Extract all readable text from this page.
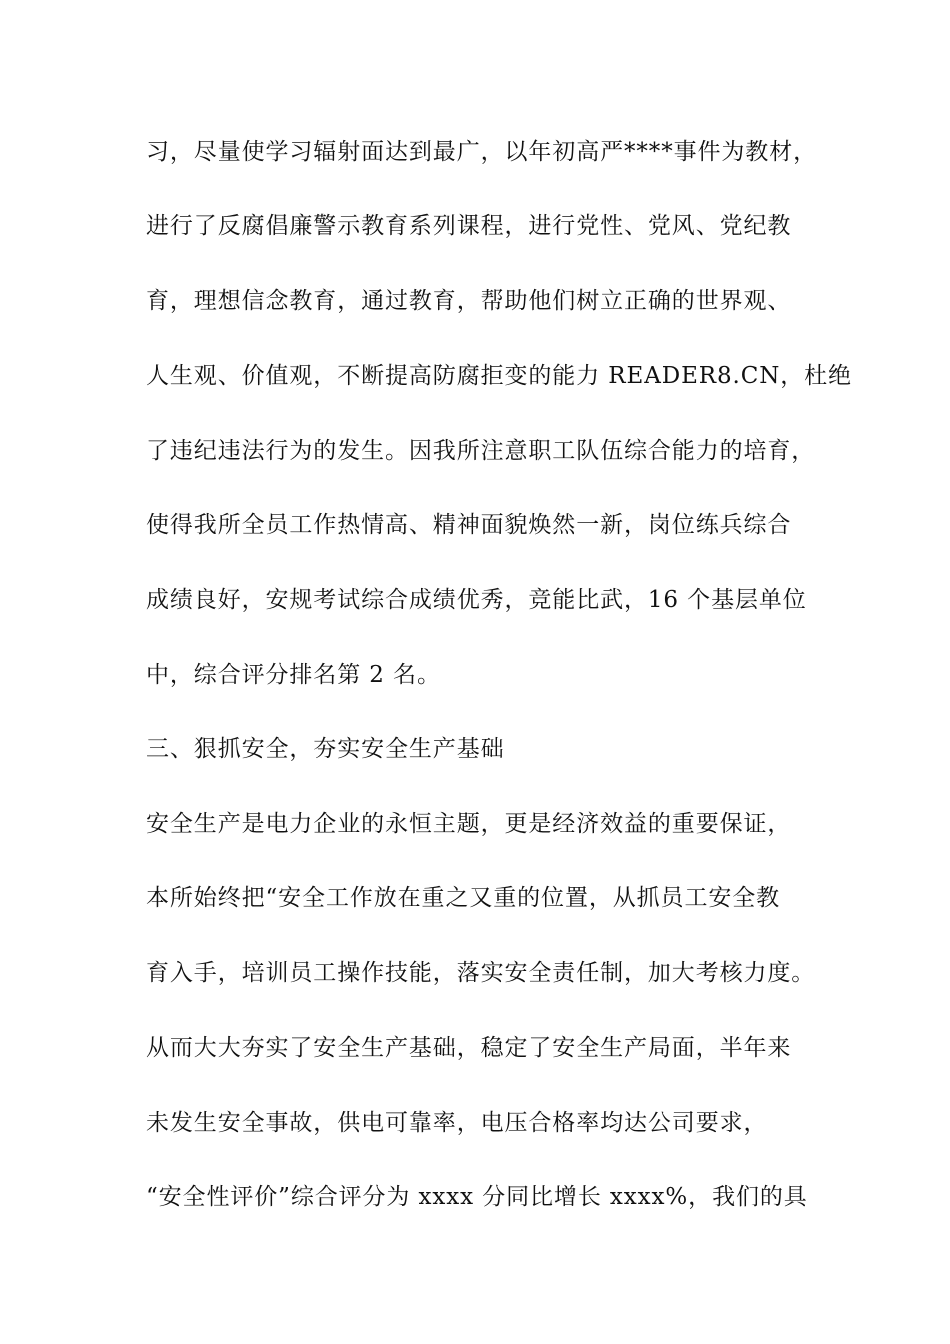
习，尽量使学习辐射面达到最广，以年初高严****事件为教材，
进行了反腐倡廉警示教育系列课程，进行党性、党风、党纪教
育，理想信念教育，通过教育，帮助他们树立正确的世界观、
人生观、价值观，不断提高防腐拒变的能力 READER8.CN，杜绝
了违纪违法行为的发生。因我所注意职工队伍综合能力的培育，
使得我所全员工作热情高、精神面貌焕然一新，岗位练兵综合
成绩良好，安规考试综合成绩优秀，竞能比武，16 个基层单位
中，综合评分排名第 2 名。
三、狠抓安全，夯实安全生产基础
安全生产是电力企业的永恒主题，更是经济效益的重要保证，
本所始终把“安全工作放在重之又重的位置，从抓员工安全教
育入手，培训员工操作技能，落实安全责任制，加大考核力度。
从而大大夯实了安全生产基础，稳定了安全生产局面，半年来
未发生安全事故，供电可靠率，电压合格率均达公司要求，
“安全性评价”综合评分为 xxxx 分同比增长 xxxx%，我们的具
